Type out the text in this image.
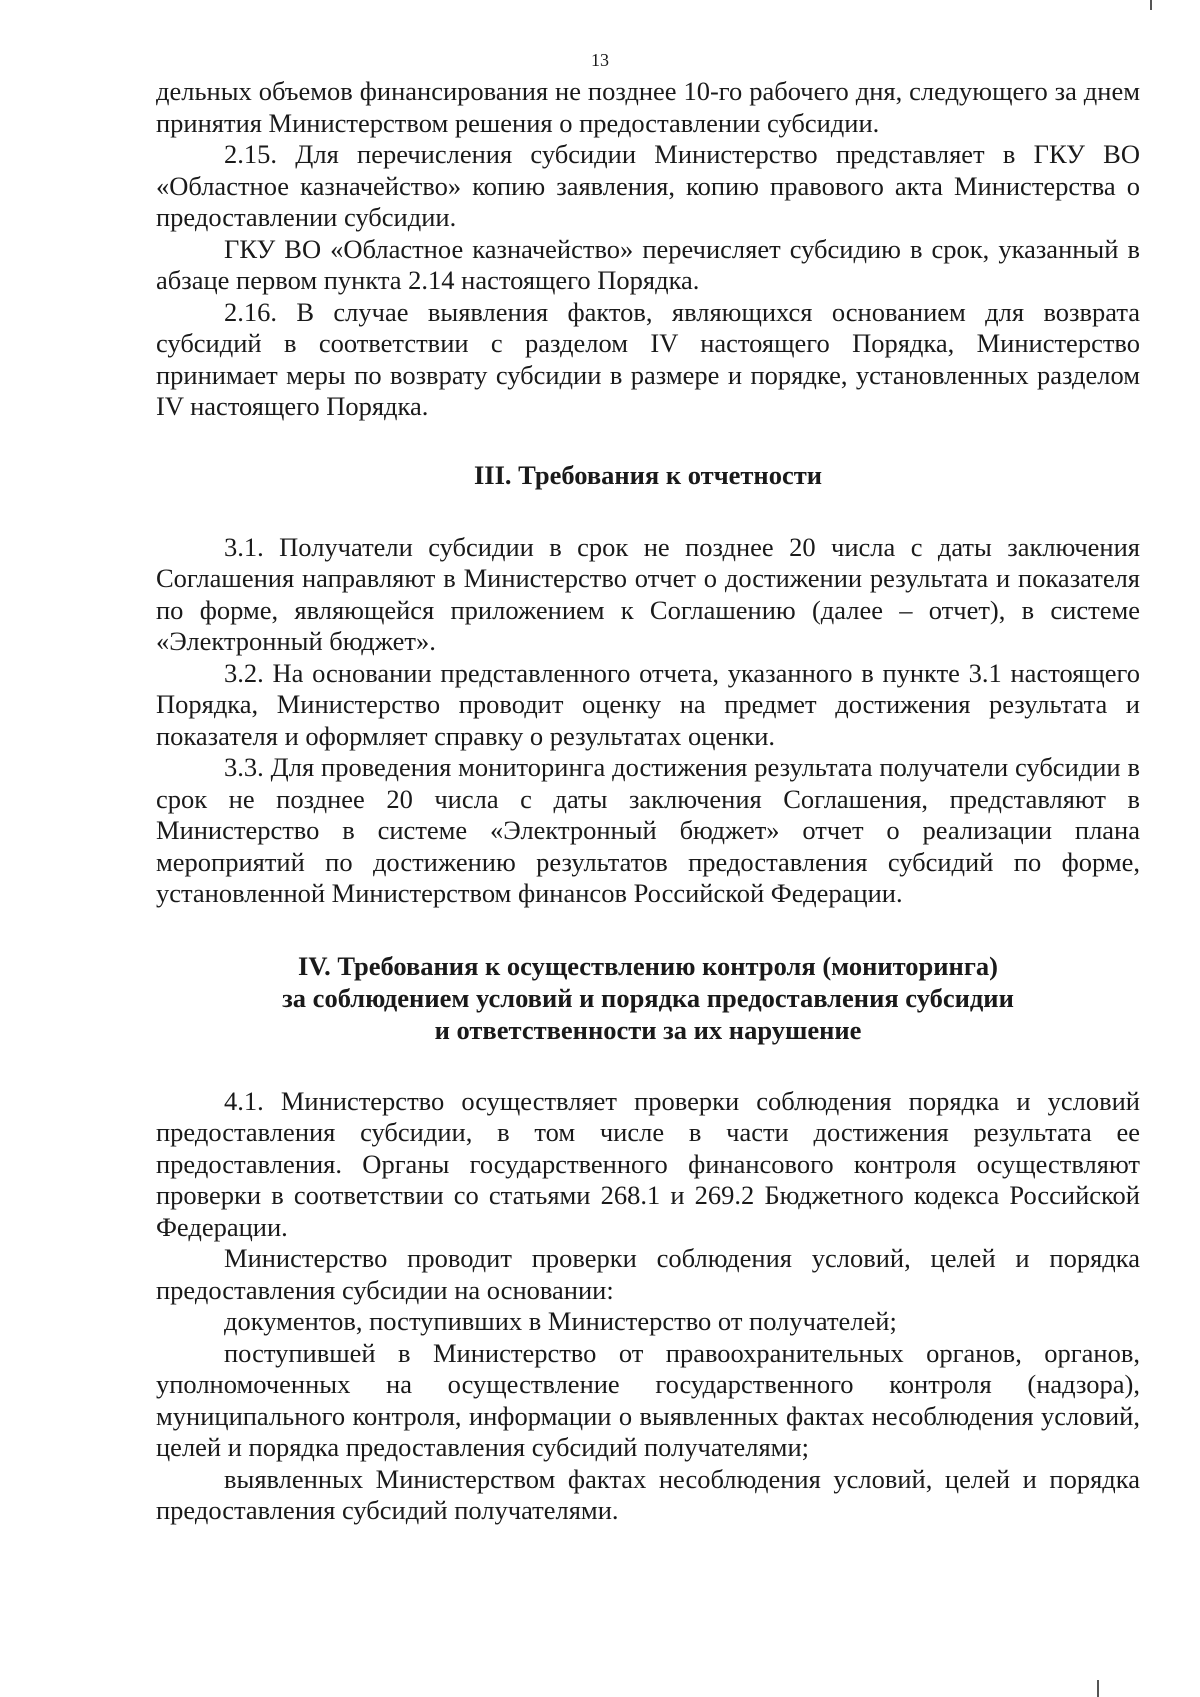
13

дельных объемов финансирования не позднее 10-го рабочего дня, следующего за днем принятия Министерством решения о предоставлении субсидии.

2.15. Для перечисления субсидии Министерство представляет в ГКУ ВО «Областное казначейство» копию заявления, копию правового акта Министерства о предоставлении субсидии.

ГКУ ВО «Областное казначейство» перечисляет субсидию в срок, указанный в абзаце первом пункта 2.14 настоящего Порядка.

2.16. В случае выявления фактов, являющихся основанием для возврата субсидий в соответствии с разделом IV настоящего Порядка, Министерство принимает меры по возврату субсидии в размере и порядке, установленных разделом IV настоящего Порядка.

III. Требования к отчетности

3.1. Получатели субсидии в срок не позднее 20 числа с даты заключения Соглашения направляют в Министерство отчет о достижении результата и показателя по форме, являющейся приложением к Соглашению (далее – отчет), в системе «Электронный бюджет».

3.2. На основании представленного отчета, указанного в пункте 3.1 настоящего Порядка, Министерство проводит оценку на предмет достижения результата и показателя и оформляет справку о результатах оценки.

3.3. Для проведения мониторинга достижения результата получатели субсидии в срок не позднее 20 числа с даты заключения Соглашения, представляют в Министерство в системе «Электронный бюджет» отчет о реализации плана мероприятий по достижению результатов предоставления субсидий по форме, установленной Министерством финансов Российской Федерации.

IV. Требования к осуществлению контроля (мониторинга)
за соблюдением условий и порядка предоставления субсидии
и ответственности за их нарушение

4.1. Министерство осуществляет проверки соблюдения порядка и условий предоставления субсидии, в том числе в части достижения результата ее предоставления. Органы государственного финансового контроля осуществляют проверки в соответствии со статьями 268.1 и 269.2 Бюджетного кодекса Российской Федерации.

Министерство проводит проверки соблюдения условий, целей и порядка предоставления субсидии на основании:

документов, поступивших в Министерство от получателей;

поступившей в Министерство от правоохранительных органов, органов, уполномоченных на осуществление государственного контроля (надзора), муниципального контроля, информации о выявленных фактах несоблюдения условий, целей и порядка предоставления субсидий получателями;

выявленных Министерством фактах несоблюдения условий, целей и порядка предоставления субсидий получателями.
